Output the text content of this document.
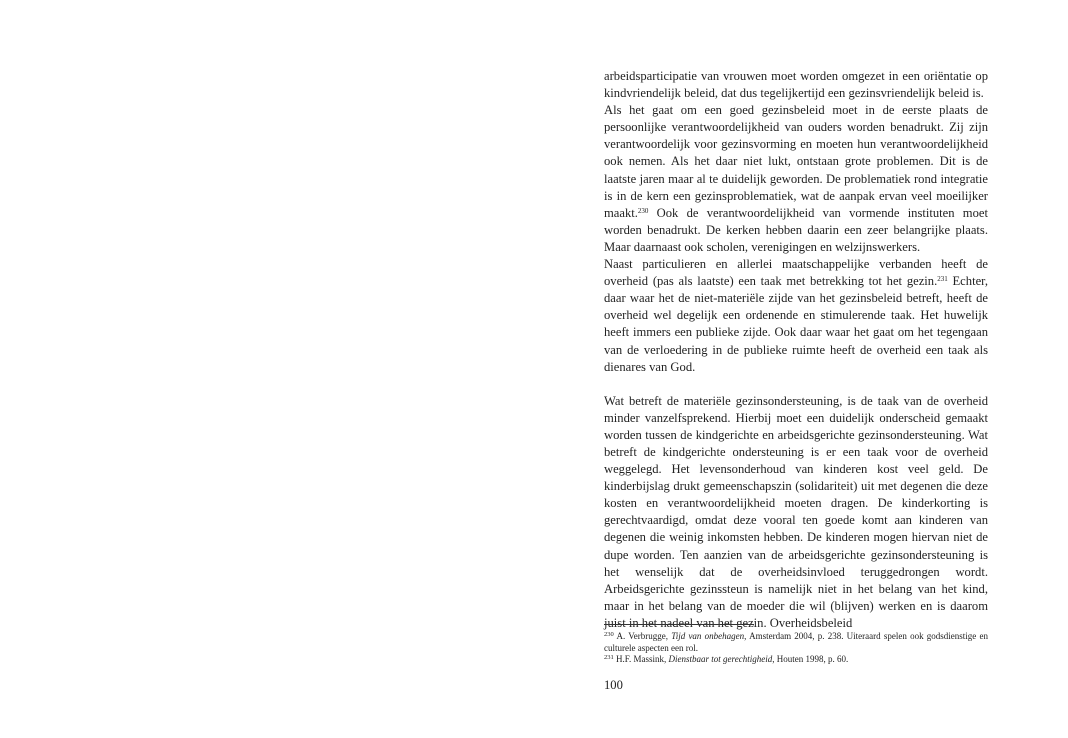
arbeidsparticipatie van vrouwen moet worden omgezet in een oriëntatie op kindvriendelijk beleid, dat dus tegelijkertijd een gezinsvriendelijk beleid is.

Als het gaat om een goed gezinsbeleid moet in de eerste plaats de persoonlijke verantwoordelijkheid van ouders worden benadrukt. Zij zijn verantwoordelijk voor gezinsvorming en moeten hun verantwoordelijkheid ook nemen. Als het daar niet lukt, ontstaan grote problemen. Dit is de laatste jaren maar al te duidelijk geworden. De problematiek rond integratie is in de kern een gezinsproblematiek, wat de aanpak ervan veel moeilijker maakt.$^{230}$ Ook de verantwoordelijkheid van vormende instituten moet worden benadrukt. De kerken hebben daarin een zeer belangrijke plaats. Maar daarnaast ook scholen, verenigingen en welzijnswerkers.

Naast particulieren en allerlei maatschappelijke verbanden heeft de overheid (pas als laatste) een taak met betrekking tot het gezin.$^{231}$ Echter, daar waar het de niet-materiële zijde van het gezinsbeleid betreft, heeft de overheid wel degelijk een ordenende en stimulerende taak. Het huwelijk heeft immers een publieke zijde. Ook daar waar het gaat om het tegengaan van de verloedering in de publieke ruimte heeft de overheid een taak als dienares van God.

Wat betreft de materiële gezinsondersteuning, is de taak van de overheid minder vanzelfsprekend. Hierbij moet een duidelijk onderscheid gemaakt worden tussen de kindgerichte en arbeidsgerichte gezinsondersteuning. Wat betreft de kindgerichte ondersteuning is er een taak voor de overheid weggelegd. Het levensonderhoud van kinderen kost veel geld. De kinderbijslag drukt gemeenschapszin (solidariteit) uit met degenen die deze kosten en verantwoordelijkheid moeten dragen. De kinderkorting is gerechtvaardigd, omdat deze vooral ten goede komt aan kinderen van degenen die weinig inkomsten hebben. De kinderen mogen hiervan niet de dupe worden. Ten aanzien van de arbeidsgerichte gezinsondersteuning is het wenselijk dat de overheidsinvloed teruggedrongen wordt. Arbeidsgerichte gezinssteun is namelijk niet in het belang van het kind, maar in het belang van de moeder die wil (blijven) werken en is daarom juist in het nadeel van het gezin. Overheidsbeleid

$^{230}$ A. Verbrugge, Tijd van onbehagen, Amsterdam 2004, p. 238. Uiteraard spelen ook godsdienstige en culturele aspecten een rol.

$^{231}$ H.F. Massink, Dienstbaar tot gerechtigheid, Houten 1998, p. 60.

100
